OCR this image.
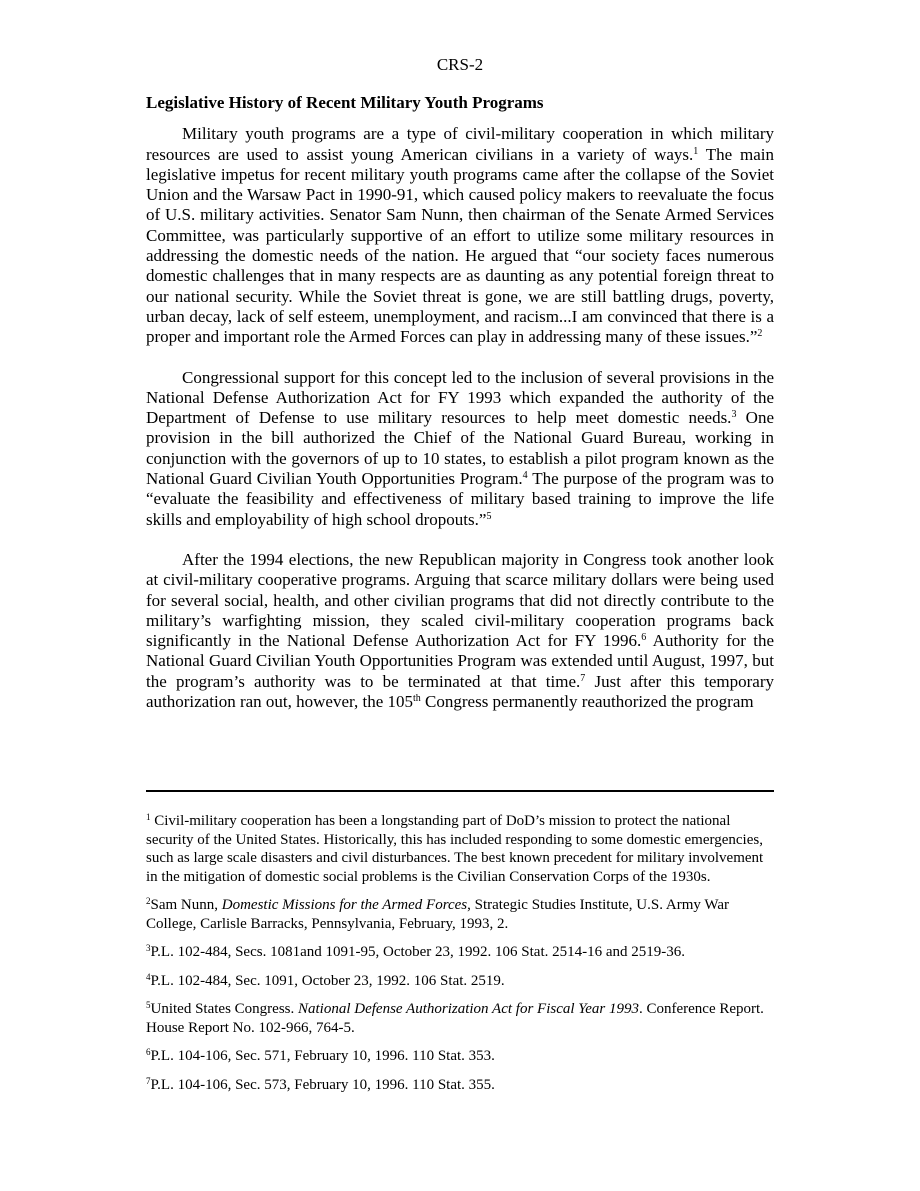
CRS-2
Legislative History of Recent Military Youth Programs

Military youth programs are a type of civil-military cooperation in which military resources are used to assist young American civilians in a variety of ways.$^1$ The main legislative impetus for recent military youth programs came after the collapse of the Soviet Union and the Warsaw Pact in 1990-91, which caused policy makers to reevaluate the focus of U.S. military activities. Senator Sam Nunn, then chairman of the Senate Armed Services Committee, was particularly supportive of an effort to utilize some military resources in addressing the domestic needs of the nation. He argued that “our society faces numerous domestic challenges that in many respects are as daunting as any potential foreign threat to our national security. While the Soviet threat is gone, we are still battling drugs, poverty, urban decay, lack of self esteem, unemployment, and racism...I am convinced that there is a proper and important role the Armed Forces can play in addressing many of these issues.”$^2$

Congressional support for this concept led to the inclusion of several provisions in the National Defense Authorization Act for FY 1993 which expanded the authority of the Department of Defense to use military resources to help meet domestic needs.$^3$ One provision in the bill authorized the Chief of the National Guard Bureau, working in conjunction with the governors of up to 10 states, to establish a pilot program known as the National Guard Civilian Youth Opportunities Program.$^4$ The purpose of the program was to “evaluate the feasibility and effectiveness of military based training to improve the life skills and employability of high school dropouts.”$^5$

After the 1994 elections, the new Republican majority in Congress took another look at civil-military cooperative programs. Arguing that scarce military dollars were being used for several social, health, and other civilian programs that did not directly contribute to the military’s warfighting mission, they scaled civil-military cooperation programs back significantly in the National Defense Authorization Act for FY 1996.$^6$ Authority for the National Guard Civilian Youth Opportunities Program was extended until August, 1997, but the program’s authority was to be terminated at that time.$^7$ Just after this temporary authorization ran out, however, the 105th Congress permanently reauthorized the program

$^1$ Civil-military cooperation has been a longstanding part of DoD’s mission to protect the national security of the United States. Historically, this has included responding to some domestic emergencies, such as large scale disasters and civil disturbances. The best known precedent for military involvement in the mitigation of domestic social problems is the Civilian Conservation Corps of the 1930s.
$^2$Sam Nunn, Domestic Missions for the Armed Forces, Strategic Studies Institute, U.S. Army War College, Carlisle Barracks, Pennsylvania, February, 1993, 2.
$^3$P.L. 102-484, Secs. 1081and 1091-95, October 23, 1992. 106 Stat. 2514-16 and 2519-36.
$^4$P.L. 102-484, Sec. 1091, October 23, 1992. 106 Stat. 2519.
$^5$United States Congress. National Defense Authorization Act for Fiscal Year 1993. Conference Report. House Report No. 102-966, 764-5.
$^6$P.L. 104-106, Sec. 571, February 10, 1996. 110 Stat. 353.
$^7$P.L. 104-106, Sec. 573, February 10, 1996. 110 Stat. 355.
